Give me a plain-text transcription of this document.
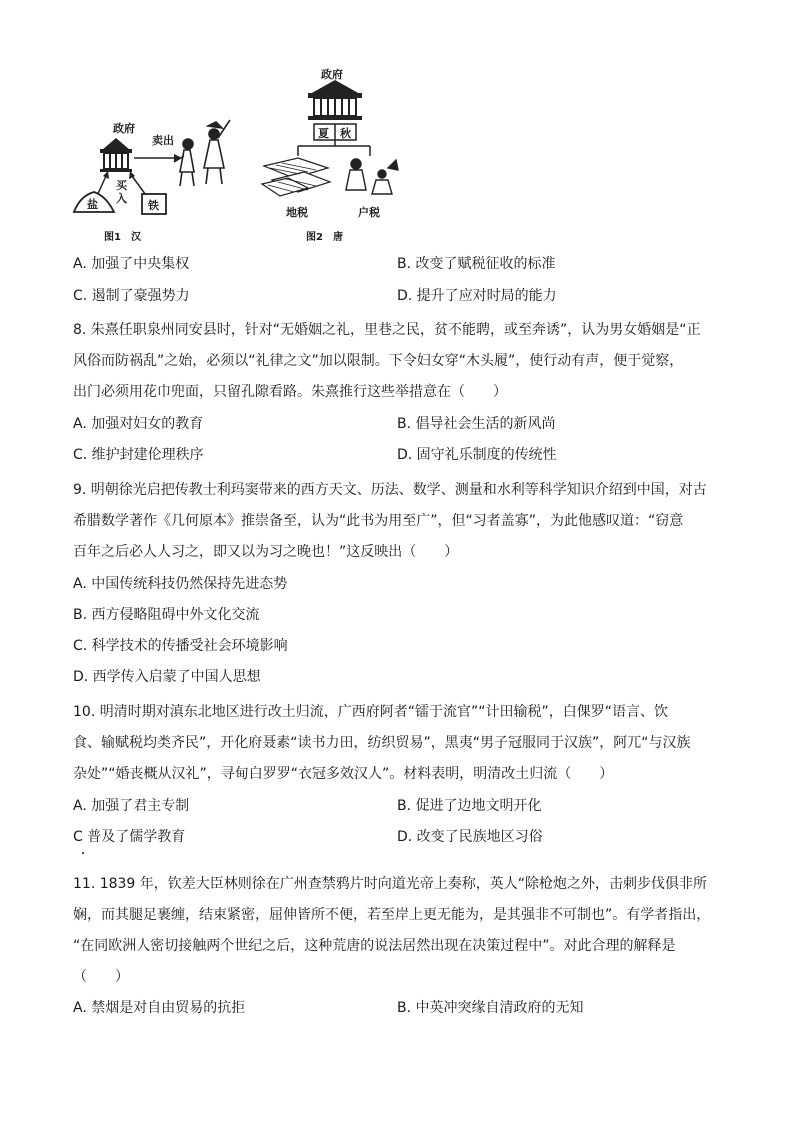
政府
卖出
买
入
盐	铁
图1　汉
政府
夏 秋
地税	户税
图2　唐
A. 加强了中央集权	B. 改变了赋税征收的标准
C. 遏制了豪强势力	D. 提升了应对时局的能力
8. 朱熹任职泉州同安县时，针对“无婚姻之礼，里巷之民，贫不能聘，或至奔诱”，认为男女婚姻是“正
风俗而防祸乱”之始，必须以“礼律之文”加以限制。下令妇女穿“木头履”，使行动有声，便于觉察，
出门必须用花巾兜面，只留孔隙看路。朱熹推行这些举措意在（　　）
A. 加强对妇女的教育	B. 倡导社会生活的新风尚
C. 维护封建伦理秩序	D. 固守礼乐制度的传统性
9. 明朝徐光启把传教士利玛窦带来的西方天文、历法、数学、测量和水利等科学知识介绍到中国，对古
希腊数学著作《几何原本》推崇备至，认为“此书为用至广”，但“习者盖寡”，为此他感叹道：“窃意
百年之后必人人习之，即又以为习之晚也！”这反映出（　　）
A. 中国传统科技仍然保持先进态势
B. 西方侵略阻碍中外文化交流
C. 科学技术的传播受社会环境影响
D. 西学传入启蒙了中国人思想
10. 明清时期对滇东北地区进行改土归流，广西府阿者“镭于流官”“计田输税”，白倮罗“语言、饮
食、输赋税均类齐民”，开化府聂素“读书力田，纺织贸易”，黑夷“男子冠服同于汉族”，阿兀“与汉族
杂处”“婚丧概从汉礼”，寻甸白罗罗“衣冠多效汉人”。材料表明，明清改土归流（　　）
A. 加强了君主专制	B. 促进了边地文明开化
C 普及了儒学教育	D. 改变了民族地区习俗
11. 1839 年，钦差大臣林则徐在广州查禁鸦片时向道光帝上奏称，英人“除枪炮之外，击刺步伐俱非所
娴，而其腿足裹缠，结束紧密，屈伸皆所不便，若至岸上更无能为，是其强非不可制也”。有学者指出，
“在同欧洲人密切接触两个世纪之后，这种荒唐的说法居然出现在决策过程中”。对此合理的解释是
（　　）
A. 禁烟是对自由贸易的抗拒	B. 中英冲突缘自清政府的无知
